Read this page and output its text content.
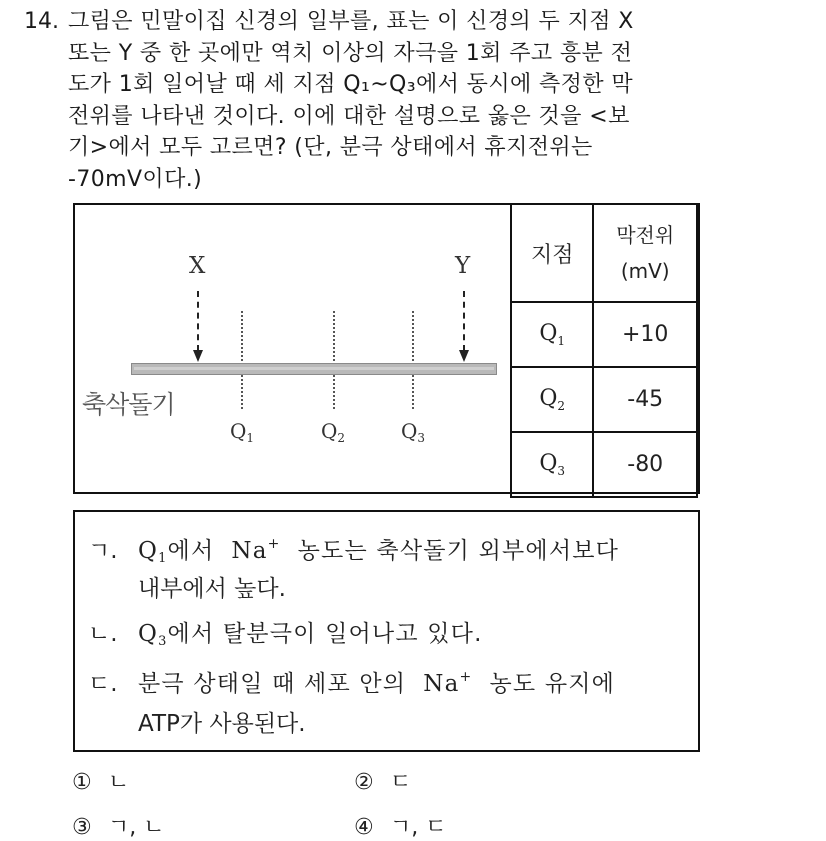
14. 그림은 민말이집 신경의 일부를, 표는 이 신경의 두 지점 X
또는 Y 중 한 곳에만 역치 이상의 자극을 1회 주고 흥분 전
도가 1회 일어날 때 세 지점 Q₁~Q₃에서 동시에 측정한 막
전위를 나타낸 것이다. 이에 대한 설명으로 옳은 것을 <보
기>에서 모두 고르면? (단, 분극 상태에서 휴지전위는
-70mV이다.)
X	Y
축삭돌기
$Q_1$	$Q_2$	$Q_3$
지점	막전위
(mV)

$Q_1$	+10
$Q_2$	-45
$Q_3$	-80
ㄱ. $Q_1$에서 Na+ 농도는 축삭돌기 외부에서보다
내부에서 높다.
ㄴ. $Q_3$에서 탈분극이 일어나고 있다.
ㄷ. 분극 상태일 때 세포 안의 Na+ 농도 유지에
ATP가 사용된다.
① ㄴ	② ㄷ
③ ㄱ, ㄴ	④ ㄱ, ㄷ
